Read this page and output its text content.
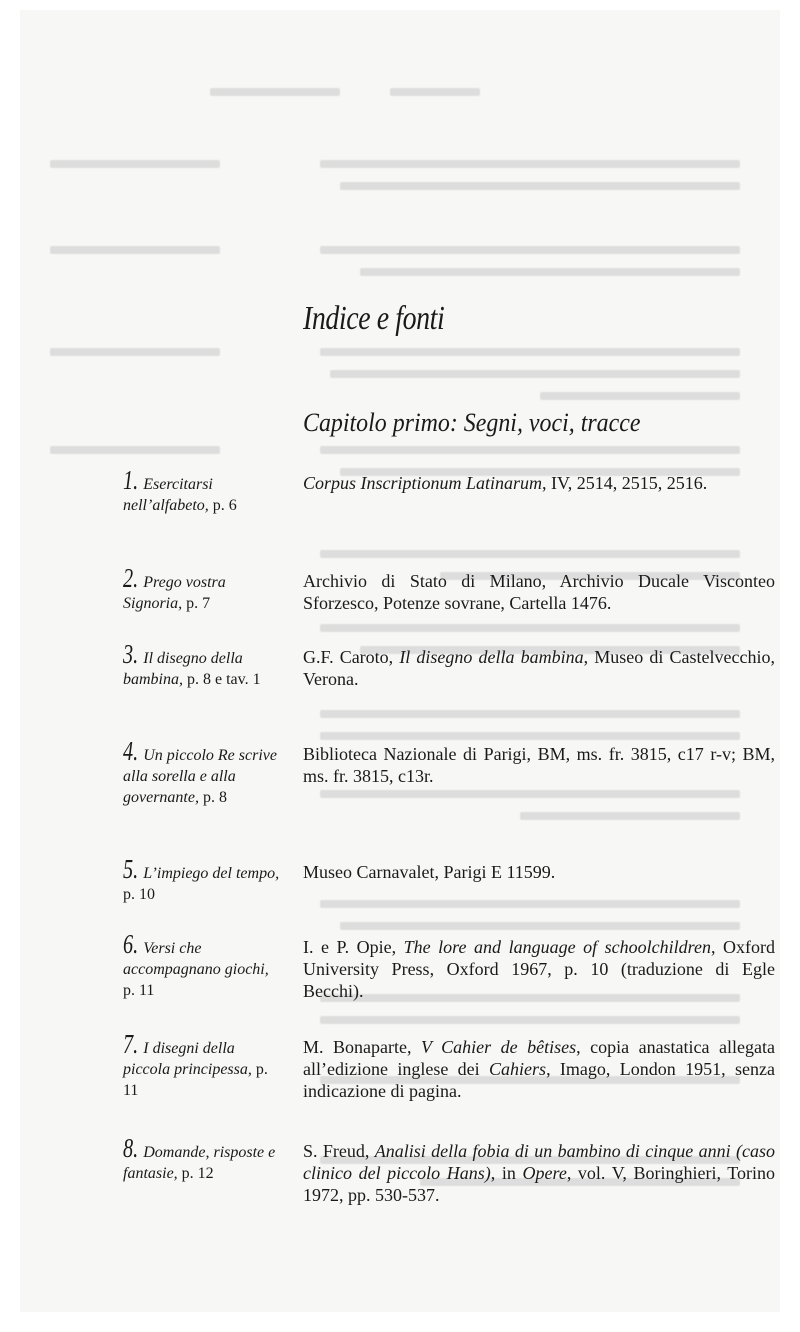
Indice e fonti
Capitolo primo: Segni, voci, tracce
1. Esercitarsi nell’alfabeto, p. 6
Corpus Inscriptionum Latinarum, IV, 2514, 2515, 2516.
2. Prego vostra Signoria, p. 7
Archivio di Stato di Milano, Archivio Ducale Visconteo Sforzesco, Potenze sovrane, Cartella 1476.
3. Il disegno della bambina, p. 8 e tav. 1
G.F. Caroto, Il disegno della bambina, Museo di Castelvecchio, Verona.
4. Un piccolo Re scrive alla sorella e alla governante, p. 8
Biblioteca Nazionale di Parigi, BM, ms. fr. 3815, c17 r-v; BM, ms. fr. 3815, c13r.
5. L’impiego del tempo, p. 10
Museo Carnavalet, Parigi E 11599.
6. Versi che accompagnano giochi, p. 11
I. e P. Opie, The lore and language of schoolchildren, Oxford University Press, Oxford 1967, p. 10 (traduzione di Egle Becchi).
7. I disegni della piccola principessa, p. 11
M. Bonaparte, V Cahier de bêtises, copia anastatica allegata all’edizione inglese dei Cahiers, Imago, London 1951, senza indicazione di pagina.
8. Domande, risposte e fantasie, p. 12
S. Freud, Analisi della fobia di un bambino di cinque anni (caso clinico del piccolo Hans), in Opere, vol. V, Boringhieri, Torino 1972, pp. 530-537.
